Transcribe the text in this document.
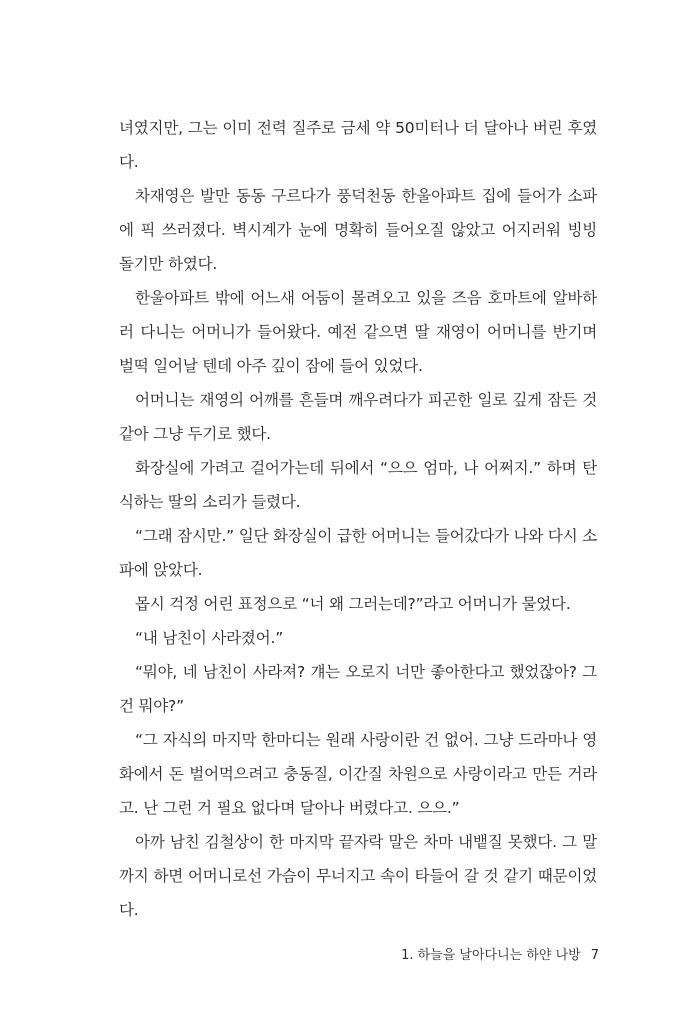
녀였지만, 그는 이미 전력 질주로 금세 약 50미터나 더 달아나 버린 후였다.

차재영은 발만 동동 구르다가 풍덕천동 한울아파트 집에 들어가 소파에 픽 쓰러졌다. 벽시계가 눈에 명확히 들어오질 않았고 어지러워 빙빙 돌기만 하였다.

한울아파트 밖에 어느새 어둠이 몰려오고 있을 즈음 호마트에 알바하러 다니는 어머니가 들어왔다. 예전 같으면 딸 재영이 어머니를 반기며 벌떡 일어날 텐데 아주 깊이 잠에 들어 있었다.

어머니는 재영의 어깨를 흔들며 깨우려다가 피곤한 일로 깊게 잠든 것 같아 그냥 두기로 했다.

화장실에 가려고 걸어가는데 뒤에서 “으으 엄마, 나 어쩌지.” 하며 탄식하는 딸의 소리가 들렸다.

“그래 잠시만.” 일단 화장실이 급한 어머니는 들어갔다가 나와 다시 소파에 앉았다.

몹시 걱정 어린 표정으로 “너 왜 그러는데?”라고 어머니가 물었다.

“내 남친이 사라졌어.”

“뭐야, 네 남친이 사라져? 걔는 오로지 너만 좋아한다고 했었잖아? 그건 뭐야?”

“그 자식의 마지막 한마디는 원래 사랑이란 건 없어. 그냥 드라마나 영화에서 돈 벌어먹으려고 충동질, 이간질 차원으로 사랑이라고 만든 거라고. 난 그런 거 필요 없다며 달아나 버렸다고. 으으.”

아까 남친 김철상이 한 마지막 끝자락 말은 차마 내뱉질 못했다. 그 말까지 하면 어머니로선 가슴이 무너지고 속이 타들어 갈 것 같기 때문이었다.

1. 하늘을 날아다니는 하얀 나방 7
